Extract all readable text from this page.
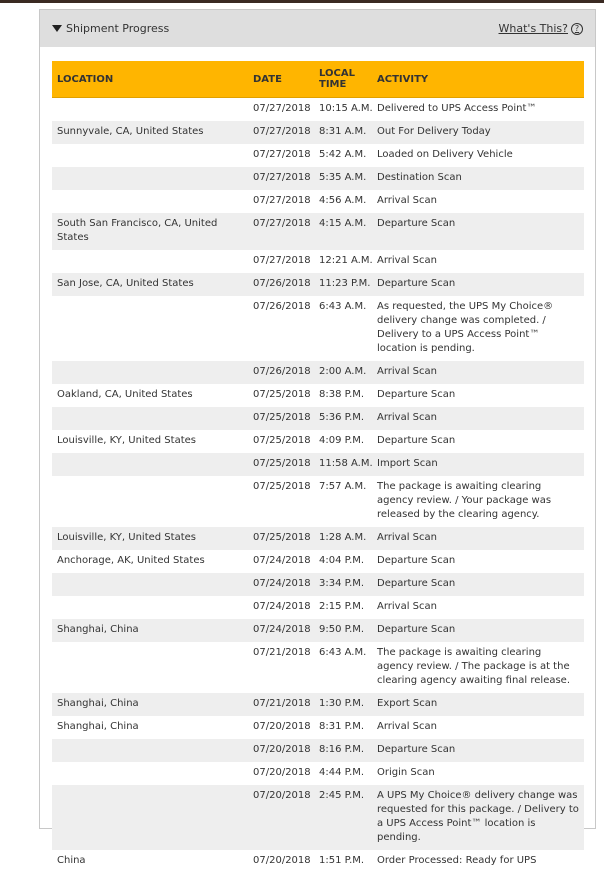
Shipment Progress	What's This? ?
LOCATION	DATE	LOCAL TIME	ACTIVITY
	07/27/2018	10:15 A.M.	Delivered to UPS Access Point™
Sunnyvale, CA, United States	07/27/2018	8:31 A.M.	Out For Delivery Today
	07/27/2018	5:42 A.M.	Loaded on Delivery Vehicle
	07/27/2018	5:35 A.M.	Destination Scan
	07/27/2018	4:56 A.M.	Arrival Scan
South San Francisco, CA, United States	07/27/2018	4:15 A.M.	Departure Scan
	07/27/2018	12:21 A.M.	Arrival Scan
San Jose, CA, United States	07/26/2018	11:23 P.M.	Departure Scan
	07/26/2018	6:43 A.M.	As requested, the UPS My Choice® delivery change was completed. / Delivery to a UPS Access Point™ location is pending.
	07/26/2018	2:00 A.M.	Arrival Scan
Oakland, CA, United States	07/25/2018	8:38 P.M.	Departure Scan
	07/25/2018	5:36 P.M.	Arrival Scan
Louisville, KY, United States	07/25/2018	4:09 P.M.	Departure Scan
	07/25/2018	11:58 A.M.	Import Scan
	07/25/2018	7:57 A.M.	The package is awaiting clearing agency review. / Your package was released by the clearing agency.
Louisville, KY, United States	07/25/2018	1:28 A.M.	Arrival Scan
Anchorage, AK, United States	07/24/2018	4:04 P.M.	Departure Scan
	07/24/2018	3:34 P.M.	Departure Scan
	07/24/2018	2:15 P.M.	Arrival Scan
Shanghai, China	07/24/2018	9:50 P.M.	Departure Scan
	07/21/2018	6:43 A.M.	The package is awaiting clearing agency review. / The package is at the clearing agency awaiting final release.
Shanghai, China	07/21/2018	1:30 P.M.	Export Scan
Shanghai, China	07/20/2018	8:31 P.M.	Arrival Scan
	07/20/2018	8:16 P.M.	Departure Scan
	07/20/2018	4:44 P.M.	Origin Scan
	07/20/2018	2:45 P.M.	A UPS My Choice® delivery change was requested for this package. / Delivery to a UPS Access Point™ location is pending.
China	07/20/2018	1:51 P.M.	Order Processed: Ready for UPS
